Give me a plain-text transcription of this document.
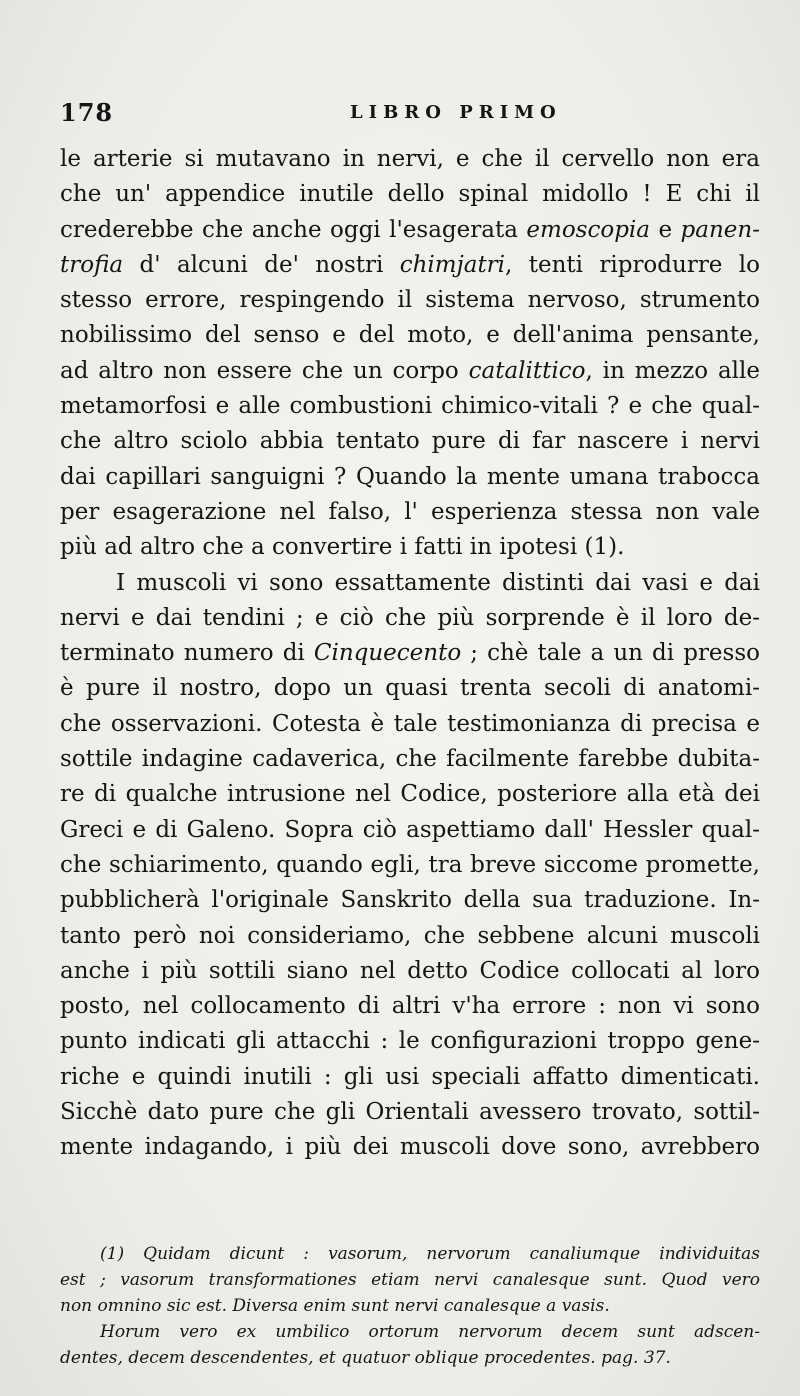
178	LIBRO PRIMO
le arterie si mutavano in nervi, e che il cervello non era
che un' appendice inutile dello spinal midollo ! E chi il
crederebbe che anche oggi l'esagerata emoscopia e panen-
trofia d' alcuni de' nostri chimjatri, tenti riprodurre lo
stesso errore, respingendo il sistema nervoso, strumento
nobilissimo del senso e del moto, e dell'anima pensante,
ad altro non essere che un corpo catalittico, in mezzo alle
metamorfosi e alle combustioni chimico-vitali ? e che qual-
che altro sciolo abbia tentato pure di far nascere i nervi
dai capillari sanguigni ? Quando la mente umana trabocca
per esagerazione nel falso, l' esperienza stessa non vale
più ad altro che a convertire i fatti in ipotesi (1).
I muscoli vi sono essattamente distinti dai vasi e dai
nervi e dai tendini ; e ciò che più sorprende è il loro de-
terminato numero di Cinquecento ; chè tale a un di presso
è pure il nostro, dopo un quasi trenta secoli di anatomi-
che osservazioni. Cotesta è tale testimonianza di precisa e
sottile indagine cadaverica, che facilmente farebbe dubita-
re di qualche intrusione nel Codice, posteriore alla età dei
Greci e di Galeno. Sopra ciò aspettiamo dall' Hessler qual-
che schiarimento, quando egli, tra breve siccome promette,
pubblicherà l'originale Sanskrito della sua traduzione. In-
tanto però noi consideriamo, che sebbene alcuni muscoli
anche i più sottili siano nel detto Codice collocati al loro
posto, nel collocamento di altri v'ha errore : non vi sono
punto indicati gli attacchi : le configurazioni troppo gene-
riche e quindi inutili : gli usi speciali affatto dimenticati.
Sicchè dato pure che gli Orientali avessero trovato, sottil-
mente indagando, i più dei muscoli dove sono, avrebbero
(1) Quidam dicunt : vasorum, nervorum canaliumque individuitas
est ; vasorum transformationes etiam nervi canalesque sunt. Quod vero
non omnino sic est. Diversa enim sunt nervi canalesque a vasis.
Horum vero ex umbilico ortorum nervorum decem sunt adscen-
dentes, decem descendentes, et quatuor oblique procedentes. pag. 37.
